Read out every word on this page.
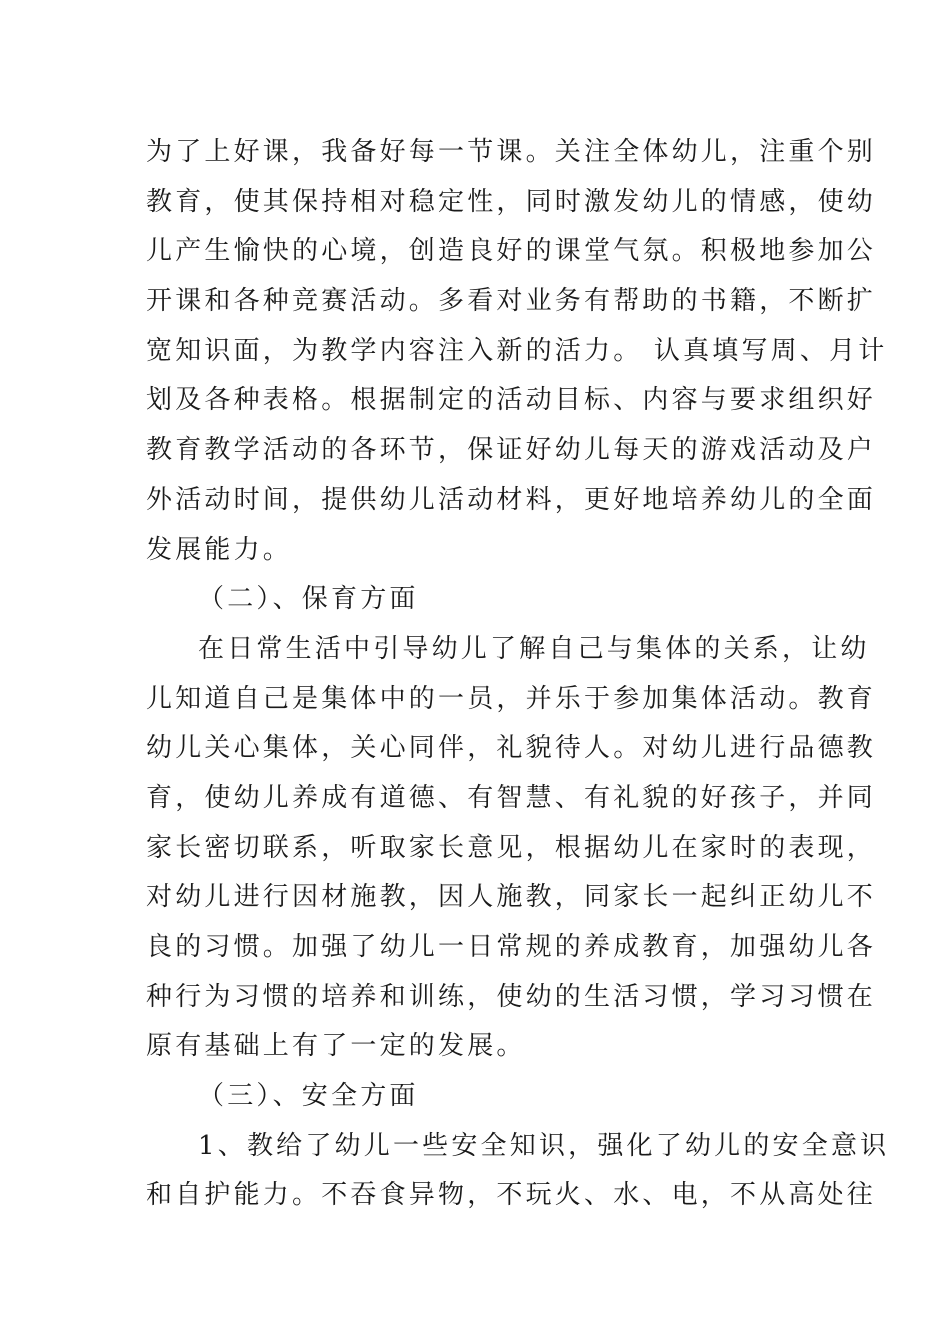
为了上好课，我备好每一节课。关注全体幼儿，注重个别
教育，使其保持相对稳定性，同时激发幼儿的情感，使幼
儿产生愉快的心境，创造良好的课堂气氛。积极地参加公
开课和各种竞赛活动。多看对业务有帮助的书籍，不断扩
宽知识面，为教学内容注入新的活力。 认真填写周、月计
划及各种表格。根据制定的活动目标、内容与要求组织好
教育教学活动的各环节，保证好幼儿每天的游戏活动及户
外活动时间，提供幼儿活动材料，更好地培养幼儿的全面
发展能力。
（二）、保育方面
在日常生活中引导幼儿了解自己与集体的关系，让幼
儿知道自己是集体中的一员，并乐于参加集体活动。教育
幼儿关心集体，关心同伴，礼貌待人。对幼儿进行品德教
育，使幼儿养成有道德、有智慧、有礼貌的好孩子，并同
家长密切联系，听取家长意见，根据幼儿在家时的表现，
对幼儿进行因材施教，因人施教，同家长一起纠正幼儿不
良的习惯。加强了幼儿一日常规的养成教育，加强幼儿各
种行为习惯的培养和训练，使幼的生活习惯，学习习惯在
原有基础上有了一定的发展。
（三）、安全方面
1、教给了幼儿一些安全知识，强化了幼儿的安全意识
和自护能力。不吞食异物，不玩火、水、电，不从高处往
